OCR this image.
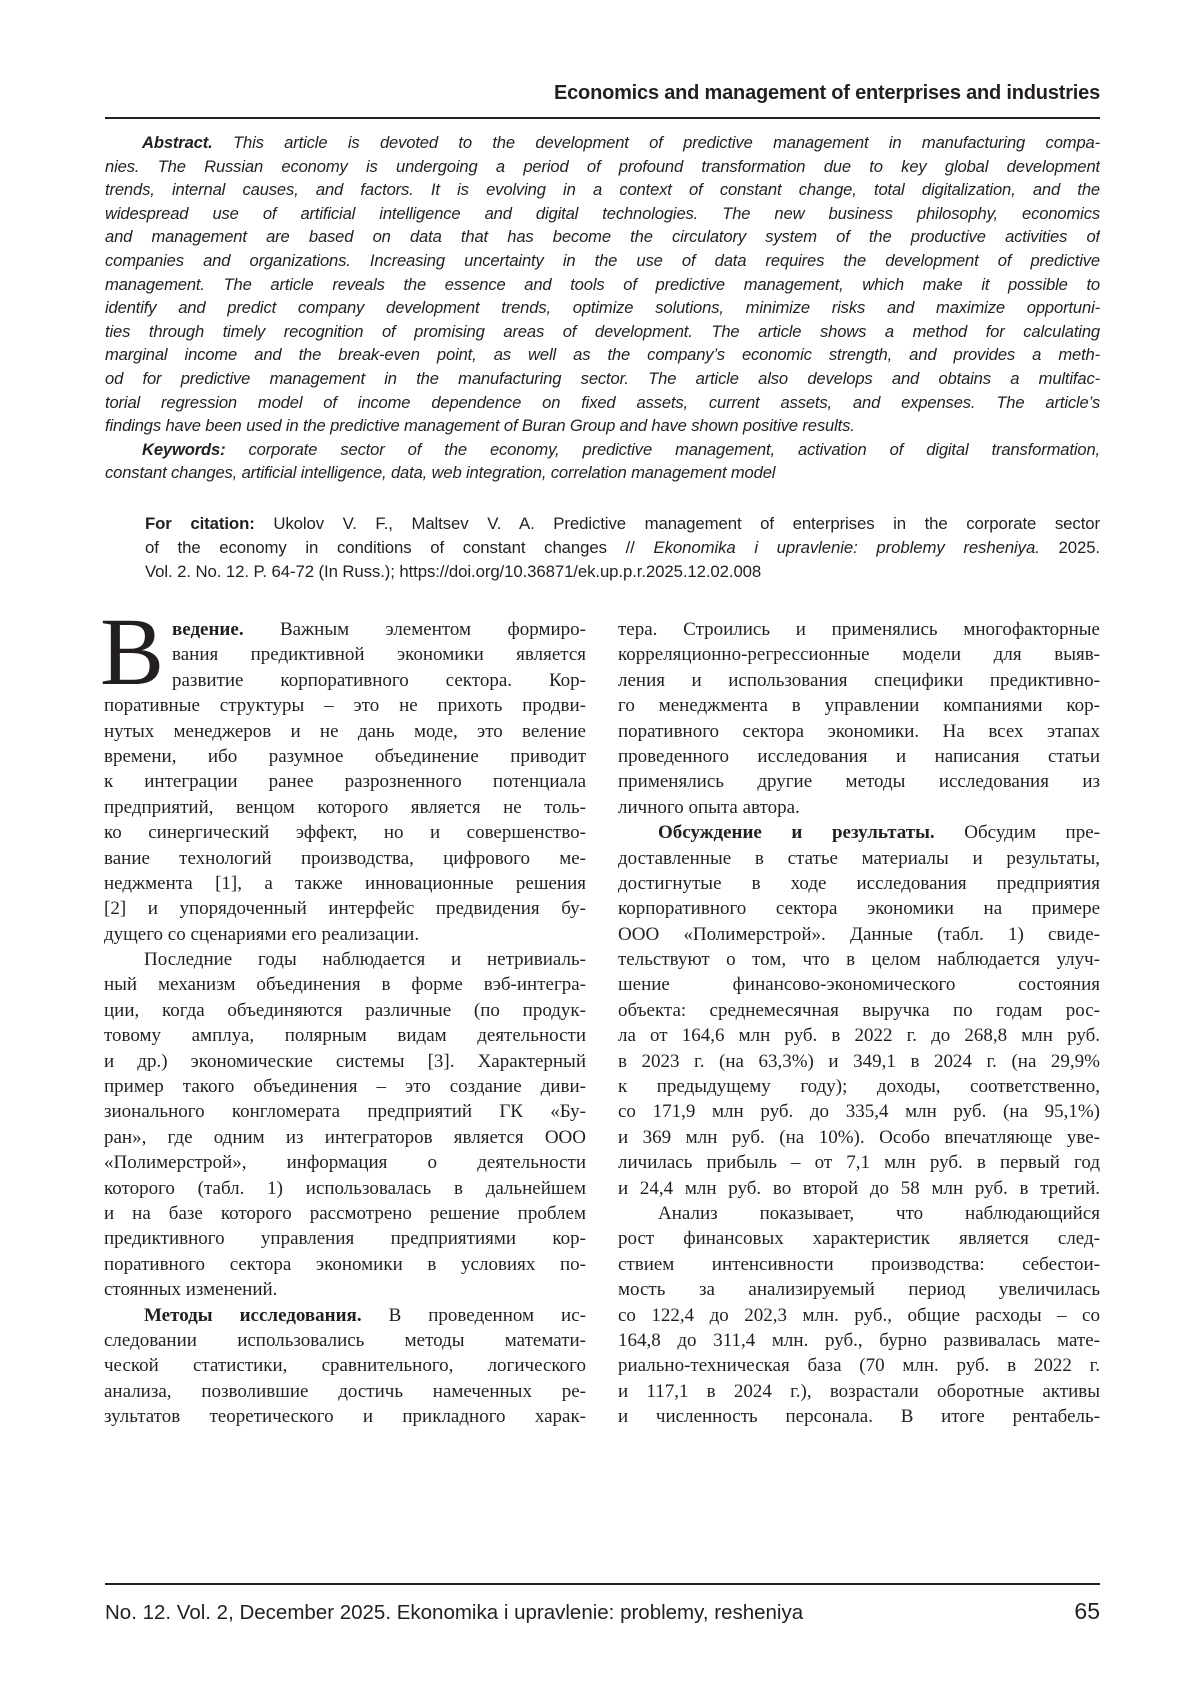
Economics and management of enterprises and industries
Abstract. This article is devoted to the development of predictive management in manufacturing compa-
nies. The Russian economy is undergoing a period of profound transformation due to key global development
trends, internal causes, and factors. It is evolving in a context of constant change, total digitalization, and the
widespread use of artificial intelligence and digital technologies. The new business philosophy, economics
and management are based on data that has become the circulatory system of the productive activities of
companies and organizations. Increasing uncertainty in the use of data requires the development of predictive
management. The article reveals the essence and tools of predictive management, which make it possible to
identify and predict company development trends, optimize solutions, minimize risks and maximize opportuni-
ties through timely recognition of promising areas of development. The article shows a method for calculating
marginal income and the break-even point, as well as the company’s economic strength, and provides a meth-
od for predictive management in the manufacturing sector. The article also develops and obtains a multifac-
torial regression model of income dependence on fixed assets, current assets, and expenses. The article’s
findings have been used in the predictive management of Buran Group and have shown positive results.
Keywords: corporate sector of the economy, predictive management, activation of digital transformation,
constant changes, artificial intelligence, data, web integration, correlation management model
For citation: Ukolov V. F., Maltsev V. A. Predictive management of enterprises in the corporate sector
of the economy in conditions of constant changes // Ekonomika i upravlenie: problemy resheniya. 2025.
Vol. 2. No. 12. P. 64-72 (In Russ.); https://doi.org/10.36871/ek.up.p.r.2025.12.02.008
В ведение. Важным элементом формиро-
вания предиктивной экономики является
развитие корпоративного сектора. Кор-
поративные структуры – это не прихоть продви-
нутых менеджеров и не дань моде, это веление
времени, ибо разумное объединение приводит
к интеграции ранее разрозненного потенциала
предприятий, венцом которого является не толь-
ко синергический эффект, но и совершенство-
вание технологий производства, цифрового ме-
неджмента [1], а также инновационные решения
[2] и упорядоченный интерфейс предвидения бу-
дущего со сценариями его реализации.
Последние годы наблюдается и нетривиаль-
ный механизм объединения в форме вэб-интегра-
ции, когда объединяются различные (по продук-
товому амплуа, полярным видам деятельности
и др.) экономические системы [3]. Характерный
пример такого объединения – это создание диви-
зионального конгломерата предприятий ГК «Бу-
ран», где одним из интеграторов является ООО
«Полимерстрой», информация о деятельности
которого (табл. 1) использовалась в дальнейшем
и на базе которого рассмотрено решение проблем
предиктивного управления предприятиями кор-
поративного сектора экономики в условиях по-
стоянных изменений.
Методы исследования. В проведенном ис-
следовании использовались методы математи-
ческой статистики, сравнительного, логического
анализа, позволившие достичь намеченных ре-
зультатов теоретического и прикладного харак-
тера. Строились и применялись многофакторные
корреляционно-регрессионные модели для выяв-
ления и использования специфики предиктивно-
го менеджмента в управлении компаниями кор-
поративного сектора экономики. На всех этапах
проведенного исследования и написания статьи
применялись другие методы исследования из
личного опыта автора.
Обсуждение и результаты. Обсудим пре-
доставленные в статье материалы и результаты,
достигнутые в ходе исследования предприятия
корпоративного сектора экономики на примере
ООО «Полимерстрой». Данные (табл. 1) свиде-
тельствуют о том, что в целом наблюдается улуч-
шение финансово-экономического состояния
объекта: среднемесячная выручка по годам рос-
ла от 164,6 млн руб. в 2022 г. до 268,8 млн руб.
в 2023 г. (на 63,3%) и 349,1 в 2024 г. (на 29,9%
к предыдущему году); доходы, соответственно,
со 171,9 млн руб. до 335,4 млн руб. (на 95,1%)
и 369 млн руб. (на 10%). Особо впечатляюще уве-
личилась прибыль – от 7,1 млн руб. в первый год
и 24,4 млн руб. во второй до 58 млн руб. в третий.
Анализ показывает, что наблюдающийся
рост финансовых характеристик является след-
ствием интенсивности производства: себестои-
мость за анализируемый период увеличилась
со 122,4 до 202,3 млн. руб., общие расходы – со
164,8 до 311,4 млн. руб., бурно развивалась мате-
риально-техническая база (70 млн. руб. в 2022 г.
и 117,1 в 2024 г.), возрастали оборотные активы
и численность персонала. В итоге рентабель-
No. 12. Vol. 2, December 2025. Ekonomika i upravlenie: problemy, resheniya	65
